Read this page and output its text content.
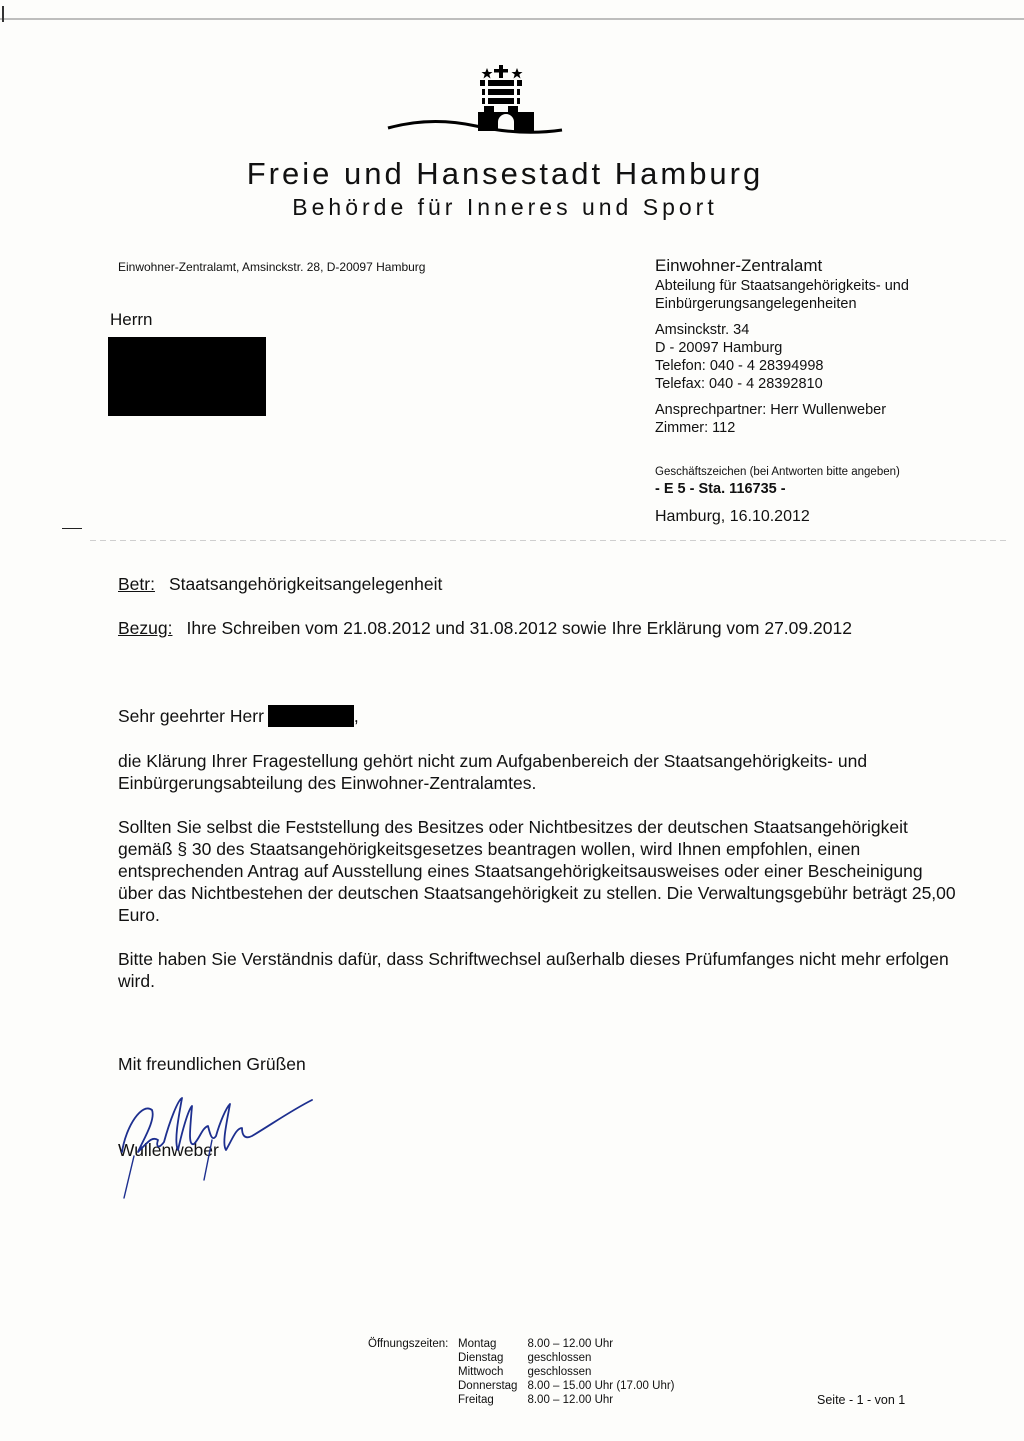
Freie und Hansestadt Hamburg
Behörde für Inneres und Sport
Einwohner-Zentralamt, Amsinckstr. 28, D-20097 Hamburg
Herrn
Einwohner-Zentralamt
Abteilung für Staatsangehörigkeits- und
Einbürgerungsangelegenheiten
Amsinckstr. 34
D - 20097 Hamburg
Telefon: 040 - 4 28394998
Telefax: 040 - 4 28392810
Ansprechpartner: Herr Wullenweber
Zimmer: 112
Geschäftszeichen (bei Antworten bitte angeben)
- E 5 - Sta. 116735 -
Hamburg, 16.10.2012
Betr: Staatsangehörigkeitsangelegenheit
Bezug: Ihre Schreiben vom 21.08.2012 und 31.08.2012 sowie Ihre Erklärung vom 27.09.2012
Sehr geehrter Herr	,

die Klärung Ihrer Fragestellung gehört nicht zum Aufgabenbereich der Staatsangehörigkeits- und Einbürgerungsabteilung des Einwohner-Zentralamtes.

Sollten Sie selbst die Feststellung des Besitzes oder Nichtbesitzes der deutschen Staatsangehörigkeit gemäß § 30 des Staatsangehörigkeitsgesetzes beantragen wollen, wird Ihnen empfohlen, einen entsprechenden Antrag auf Ausstellung eines Staatsangehörigkeitsausweises oder einer Bescheinigung über das Nichtbestehen der deutschen Staatsangehörigkeit zu stellen. Die Verwaltungsgebühr beträgt 25,00 Euro.

Bitte haben Sie Verständnis dafür, dass Schriftwechsel außerhalb dieses Prüfumfanges nicht mehr erfolgen wird.

Mit freundlichen Grüßen
Wullenweber
Öffnungszeiten: Montag	8.00 – 12.00 Uhr
Dienstag	geschlossen
Mittwoch	geschlossen
Donnerstag	8.00 – 15.00 Uhr (17.00 Uhr)
Freitag	8.00 – 12.00 Uhr	Seite - 1 - von 1
